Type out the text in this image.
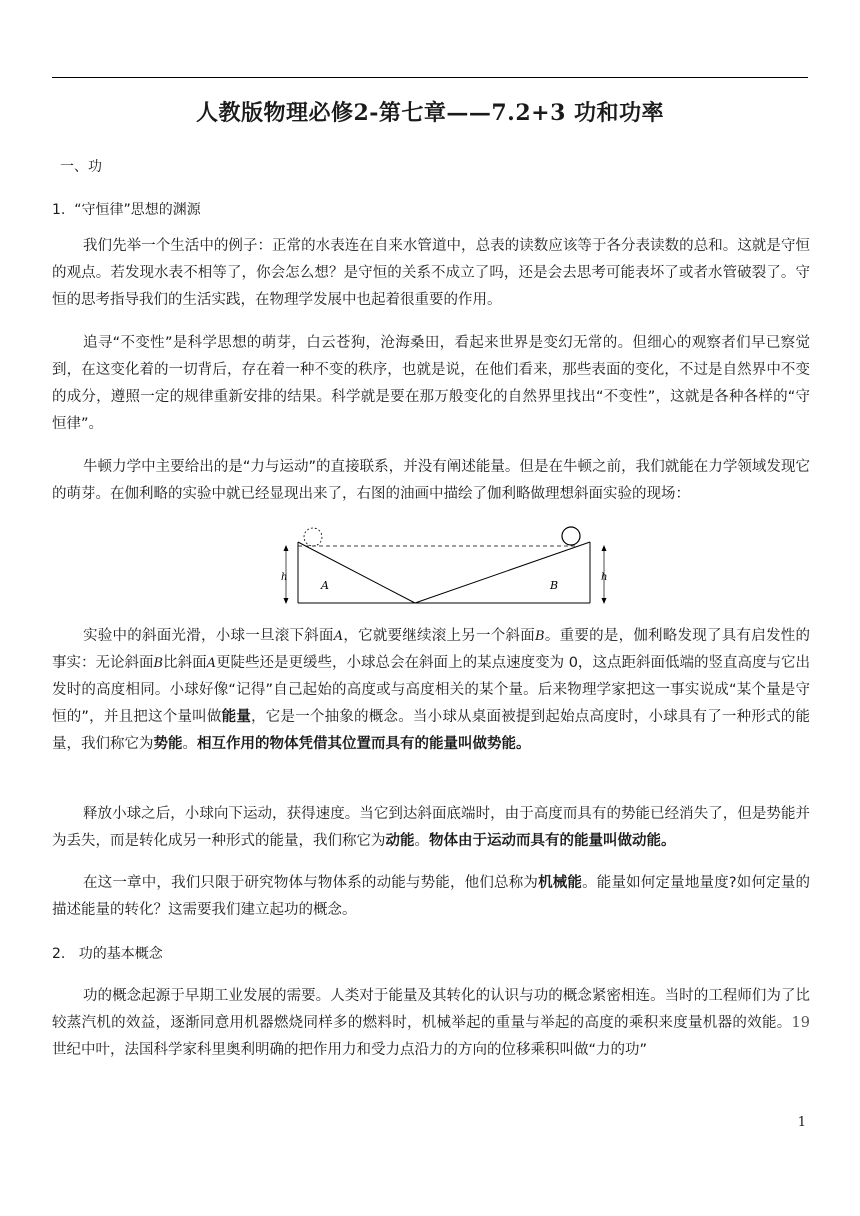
人教版物理必修2-第七章——7.2+3 功和功率
一、功
1.  “守恒律”思想的渊源

我们先举一个生活中的例子：正常的水表连在自来水管道中，总表的读数应该等于各分表读数的总和。这就是守恒的观点。若发现水表不相等了，你会怎么想？是守恒的关系不成立了吗，还是会去思考可能表坏了或者水管破裂了。守恒的思考指导我们的生活实践，在物理学发展中也起着很重要的作用。

追寻“不变性”是科学思想的萌芽，白云苍狗，沧海桑田，看起来世界是变幻无常的。但细心的观察者们早已察觉到，在这变化着的一切背后，存在着一种不变的秩序，也就是说，在他们看来，那些表面的变化，不过是自然界中不变的成分，遵照一定的规律重新安排的结果。科学就是要在那万般变化的自然界里找出“不变性”，这就是各种各样的“守恒律”。

牛顿力学中主要给出的是“力与运动”的直接联系，并没有阐述能量。但是在牛顿之前，我们就能在力学领域发现它的萌芽。在伽利略的实验中就已经显现出来了，右图的油画中描绘了伽利略做理想斜面实验的现场：

h
A	B
h

实验中的斜面光滑，小球一旦滚下斜面A，它就要继续滚上另一个斜面B。重要的是，伽利略发现了具有启发性的事实：无论斜面B比斜面A更陡些还是更缓些，小球总会在斜面上的某点速度变为 0，这点距斜面低端的竖直高度与它出发时的高度相同。小球好像“记得”自己起始的高度或与高度相关的某个量。后来物理学家把这一事实说成“某个量是守恒的”，并且把这个量叫做能量，它是一个抽象的概念。当小球从桌面被提到起始点高度时，小球具有了一种形式的能量，我们称它为势能。相互作用的物体凭借其位置而具有的能量叫做势能。

释放小球之后，小球向下运动，获得速度。当它到达斜面底端时，由于高度而具有的势能已经消失了，但是势能并为丢失，而是转化成另一种形式的能量，我们称它为动能。物体由于运动而具有的能量叫做动能。

在这一章中，我们只限于研究物体与物体系的动能与势能，他们总称为机械能。能量如何定量地量度?如何定量的描述能量的转化？这需要我们建立起功的概念。

2.   功的基本概念

功的概念起源于早期工业发展的需要。人类对于能量及其转化的认识与功的概念紧密相连。当时的工程师们为了比较蒸汽机的效益，逐渐同意用机器燃烧同样多的燃料时，机械举起的重量与举起的高度的乘积来度量机器的效能。19 世纪中叶，法国科学家科里奥利明确的把作用力和受力点沿力的方向的位移乘积叫做“力的功”

1
